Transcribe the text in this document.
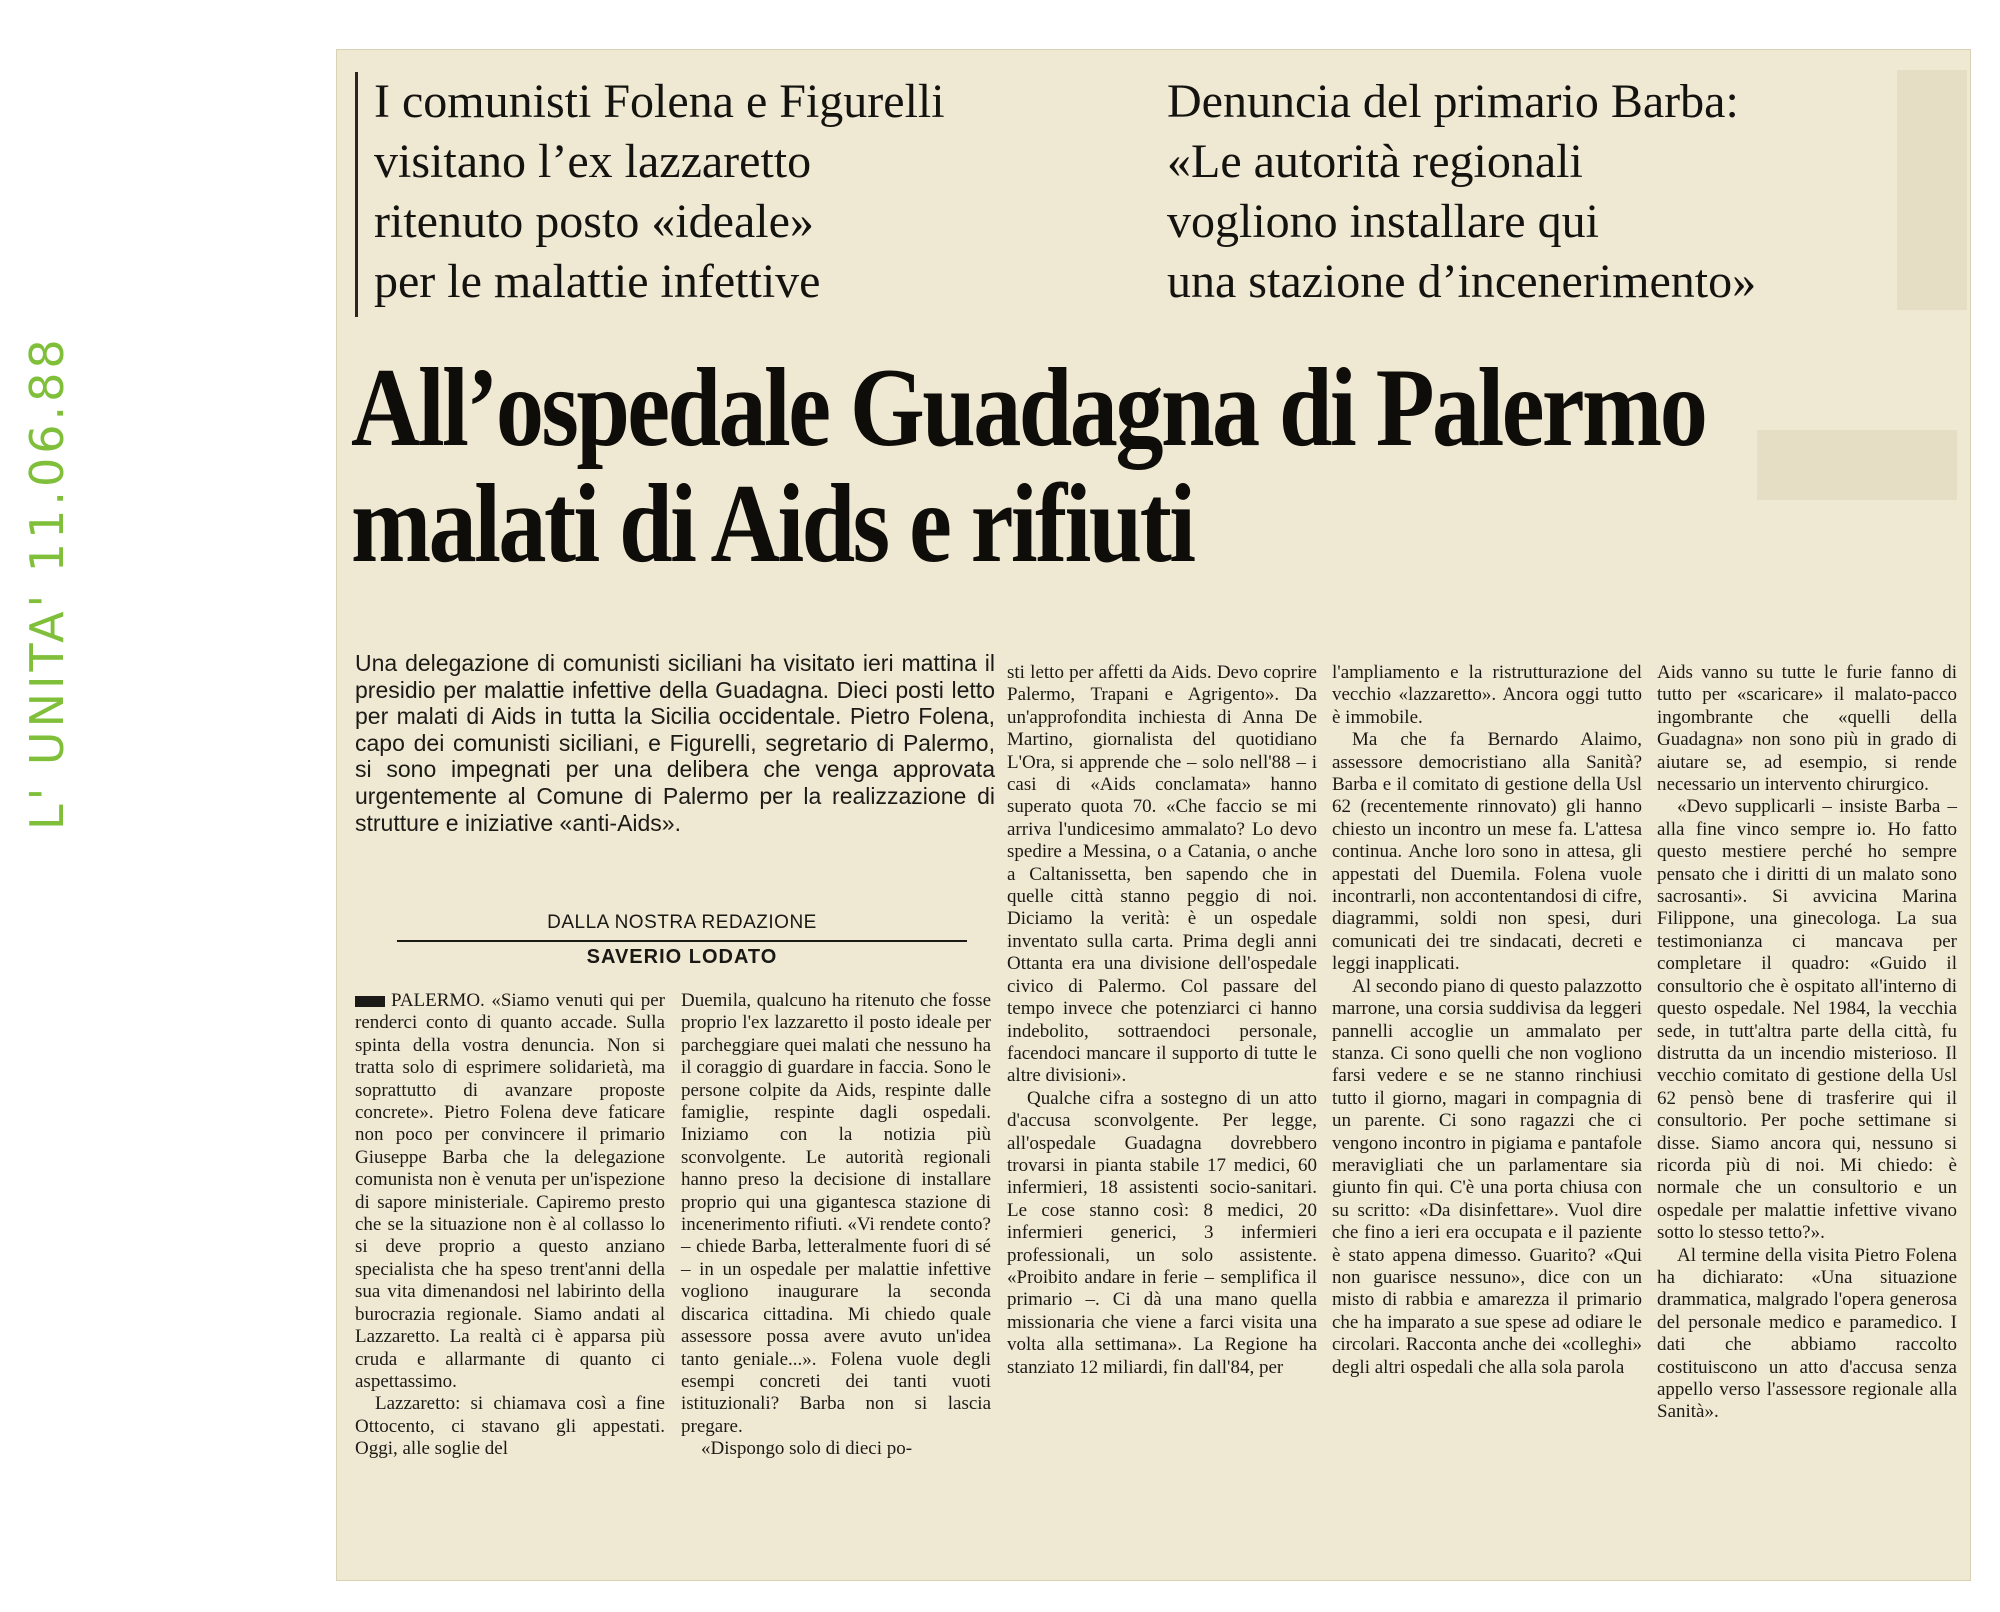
L' UNITA' 11.06.88
I comunisti Folena e Figurelli
visitano l’ex lazzaretto
ritenuto posto «ideale»
per le malattie infettive
Denuncia del primario Barba:
«Le autorità regionali
vogliono installare qui
una stazione d’incenerimento»
All’ospedale Guadagna di Palermo
malati di Aids e rifiuti
Una delegazione di comunisti siciliani ha visitato ieri mattina il presidio per malattie infettive della Guadagna. Dieci posti letto per malati di Aids in tutta la Sicilia occidentale. Pietro Folena, capo dei comunisti siciliani, e Figurelli, segretario di Palermo, si sono impegnati per una delibera che venga approvata urgentemente al Comune di Palermo per la realizzazione di strutture e iniziative «anti-Aids».
DALLA NOSTRA REDAZIONE
SAVERIO LODATO

PALERMO. «Siamo venuti qui per renderci conto di quanto accade. Sulla spinta della vostra denuncia. Non si tratta solo di esprimere solidarietà, ma soprattutto di avanzare proposte concrete». Pietro Folena deve faticare non poco per convincere il primario Giuseppe Barba che la delegazione comunista non è venuta per un'ispezione di sapore ministeriale. Capiremo presto che se la situazione non è al collasso lo si deve proprio a questo anziano specialista che ha speso trent'anni della sua vita dimenandosi nel labirinto della burocrazia regionale. Siamo andati al Lazzaretto. La realtà ci è apparsa più cruda e allarmante di quanto ci aspettassimo.

Lazzaretto: si chiamava così a fine Ottocento, ci stavano gli appestati. Oggi, alle soglie del

Duemila, qualcuno ha ritenuto che fosse proprio l'ex lazzaretto il posto ideale per parcheggiare quei malati che nessuno ha il coraggio di guardare in faccia. Sono le persone colpite da Aids, respinte dalle famiglie, respinte dagli ospedali. Iniziamo con la notizia più sconvolgente. Le autorità regionali hanno preso la decisione di installare proprio qui una gigantesca stazione di incenerimento rifiuti. «Vi rendete conto? – chiede Barba, letteralmente fuori di sé – in un ospedale per malattie infettive vogliono inaugurare la seconda discarica cittadina. Mi chiedo quale assessore possa avere avuto un'idea tanto geniale...». Folena vuole degli esempi concreti dei tanti vuoti istituzionali? Barba non si lascia pregare.

«Dispongo solo di dieci po-

sti letto per affetti da Aids. Devo coprire Palermo, Trapani e Agrigento». Da un'approfondita inchiesta di Anna De Martino, giornalista del quotidiano L'Ora, si apprende che – solo nell'88 – i casi di «Aids conclamata» hanno superato quota 70. «Che faccio se mi arriva l'undicesimo ammalato? Lo devo spedire a Messina, o a Catania, o anche a Caltanissetta, ben sapendo che in quelle città stanno peggio di noi. Diciamo la verità: è un ospedale inventato sulla carta. Prima degli anni Ottanta era una divisione dell'ospedale civico di Palermo. Col passare del tempo invece che potenziarci ci hanno indebolito, sottraendoci personale, facendoci mancare il supporto di tutte le altre divisioni».

Qualche cifra a sostegno di un atto d'accusa sconvolgente. Per legge, all'ospedale Guadagna dovrebbero trovarsi in pianta stabile 17 medici, 60 infermieri, 18 assistenti socio-sanitari. Le cose stanno così: 8 medici, 20 infermieri generici, 3 infermieri professionali, un solo assistente. «Proibito andare in ferie – semplifica il primario –. Ci dà una mano quella missionaria che viene a farci visita una volta alla settimana». La Regione ha stanziato 12 miliardi, fin dall'84, per

l'ampliamento e la ristrutturazione del vecchio «lazzaretto». Ancora oggi tutto è immobile.

Ma che fa Bernardo Alaimo, assessore democristiano alla Sanità? Barba e il comitato di gestione della Usl 62 (recentemente rinnovato) gli hanno chiesto un incontro un mese fa. L'attesa continua. Anche loro sono in attesa, gli appestati del Duemila. Folena vuole incontrarli, non accontentandosi di cifre, diagrammi, soldi non spesi, duri comunicati dei tre sindacati, decreti e leggi inapplicati.

Al secondo piano di questo palazzotto marrone, una corsia suddivisa da leggeri pannelli accoglie un ammalato per stanza. Ci sono quelli che non vogliono farsi vedere e se ne stanno rinchiusi tutto il giorno, magari in compagnia di un parente. Ci sono ragazzi che ci vengono incontro in pigiama e pantafole meravigliati che un parlamentare sia giunto fin qui. C'è una porta chiusa con su scritto: «Da disinfettare». Vuol dire che fino a ieri era occupata e il paziente è stato appena dimesso. Guarito? «Qui non guarisce nessuno», dice con un misto di rabbia e amarezza il primario che ha imparato a sue spese ad odiare le circolari. Racconta anche dei «colleghi» degli altri ospedali che alla sola parola

Aids vanno su tutte le furie fanno di tutto per «scaricare» il malato-pacco ingombrante che «quelli della Guadagna» non sono più in grado di aiutare se, ad esempio, si rende necessario un intervento chirurgico.

«Devo supplicarli – insiste Barba – alla fine vinco sempre io. Ho fatto questo mestiere perché ho sempre pensato che i diritti di un malato sono sacrosanti». Si avvicina Marina Filippone, una ginecologa. La sua testimonianza ci mancava per completare il quadro: «Guido il consultorio che è ospitato all'interno di questo ospedale. Nel 1984, la vecchia sede, in tutt'altra parte della città, fu distrutta da un incendio misterioso. Il vecchio comitato di gestione della Usl 62 pensò bene di trasferire qui il consultorio. Per poche settimane si disse. Siamo ancora qui, nessuno si ricorda più di noi. Mi chiedo: è normale che un consultorio e un ospedale per malattie infettive vivano sotto lo stesso tetto?».

Al termine della visita Pietro Folena ha dichiarato: «Una situazione drammatica, malgrado l'opera generosa del personale medico e paramedico. I dati che abbiamo raccolto costituiscono un atto d'accusa senza appello verso l'assessore regionale alla Sanità».
